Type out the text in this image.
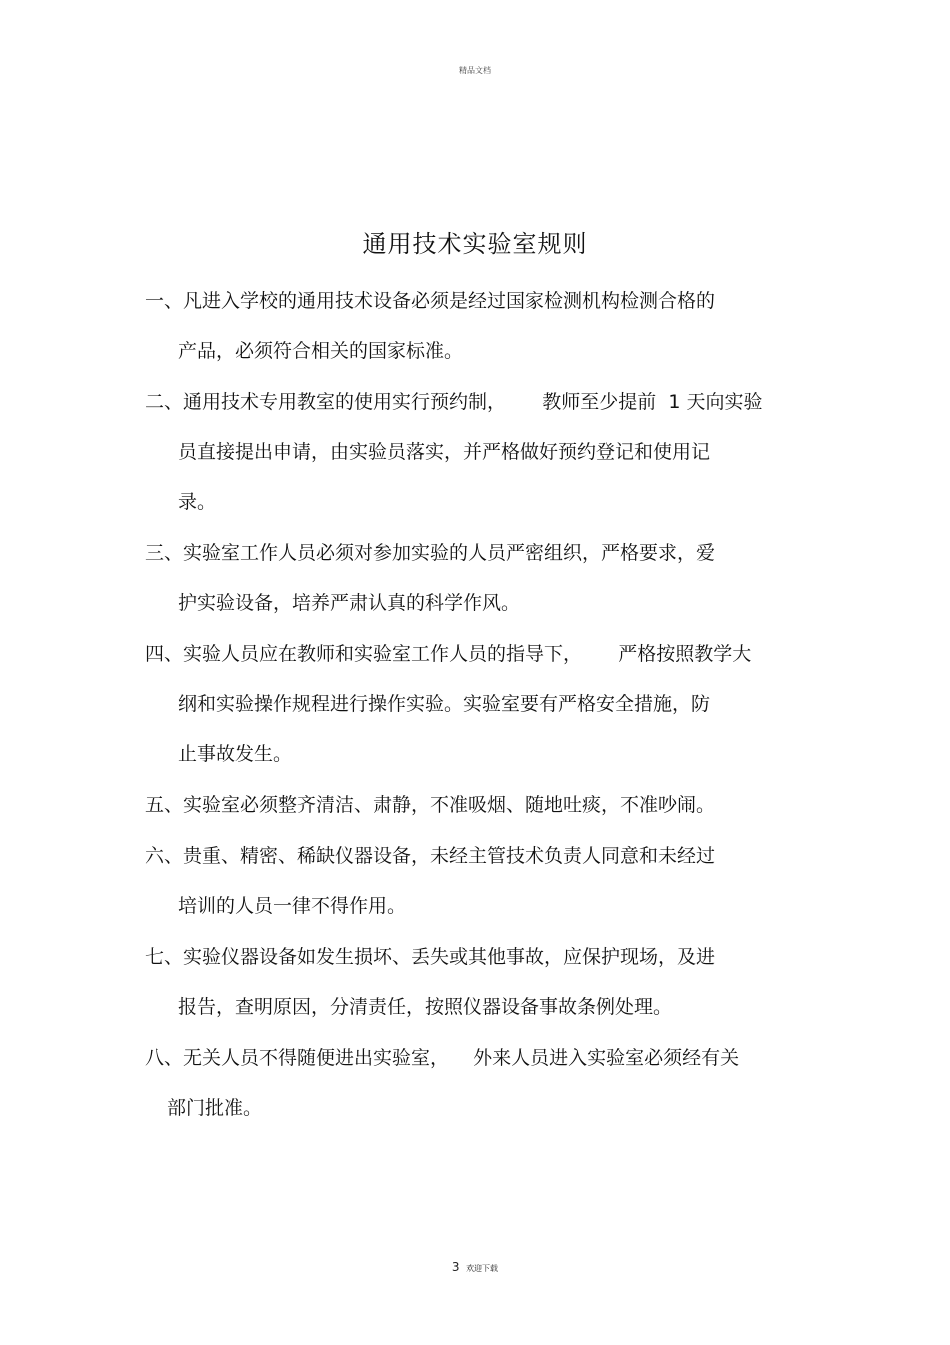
精品文档
通用技术实验室规则
一、凡进入学校的通用技术设备必须是经过国家检测机构检测合格的
产品，必须符合相关的国家标准。
二、通用技术专用教室的使用实行预约制，      教师至少提前  1 天向实验
员直接提出申请，由实验员落实，并严格做好预约登记和使用记
录。
三、实验室工作人员必须对参加实验的人员严密组织，严格要求，爱
护实验设备，培养严肃认真的科学作风。
四、实验人员应在教师和实验室工作人员的指导下，      严格按照教学大
纲和实验操作规程进行操作实验。实验室要有严格安全措施，防
止事故发生。
五、实验室必须整齐清洁、肃静，不准吸烟、随地吐痰，不准吵闹。
六、贵重、精密、稀缺仪器设备，未经主管技术负责人同意和未经过
培训的人员一律不得作用。
七、实验仪器设备如发生损坏、丢失或其他事故，应保护现场，及进
报告，查明原因，分清责任，按照仪器设备事故条例处理。
八、无关人员不得随便进出实验室，    外来人员进入实验室必须经有关
部门批准。
3 欢迎下载
